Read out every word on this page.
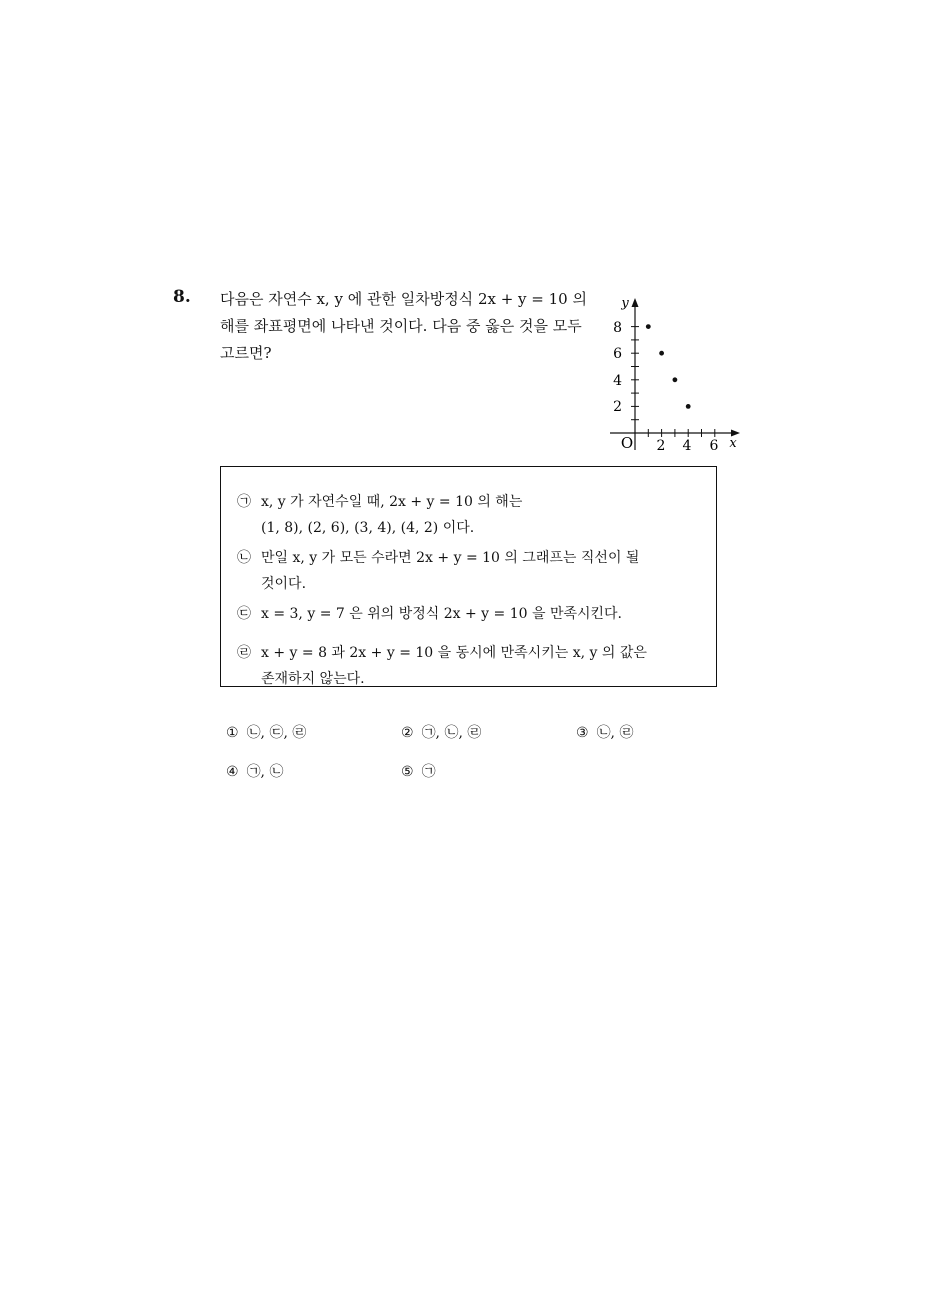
8. 다음은 자연수 x, y 에 관한 일차방정식 2x + y = 10 의
해를 좌표평면에 나타낸 것이다. 다음 중 옳은 것을 모두
고르면?
8
6
4
2
2 4 6
O	x
y
㉠ x, y 가 자연수일 때, 2x + y = 10 의 해는
(1, 8), (2, 6), (3, 4), (4, 2) 이다.
㉡ 만일 x, y 가 모든 수라면 2x + y = 10 의 그래프는 직선이 될
것이다.
㉢ x = 3, y = 7 은 위의 방정식 2x + y = 10 을 만족시킨다.
㉣ x + y = 8 과 2x + y = 10 을 동시에 만족시키는 x, y 의 값은
존재하지 않는다.
① ㉡, ㉢, ㉣	② ㉠, ㉡, ㉣	③ ㉡, ㉣
④ ㉠, ㉡	⑤ ㉠
